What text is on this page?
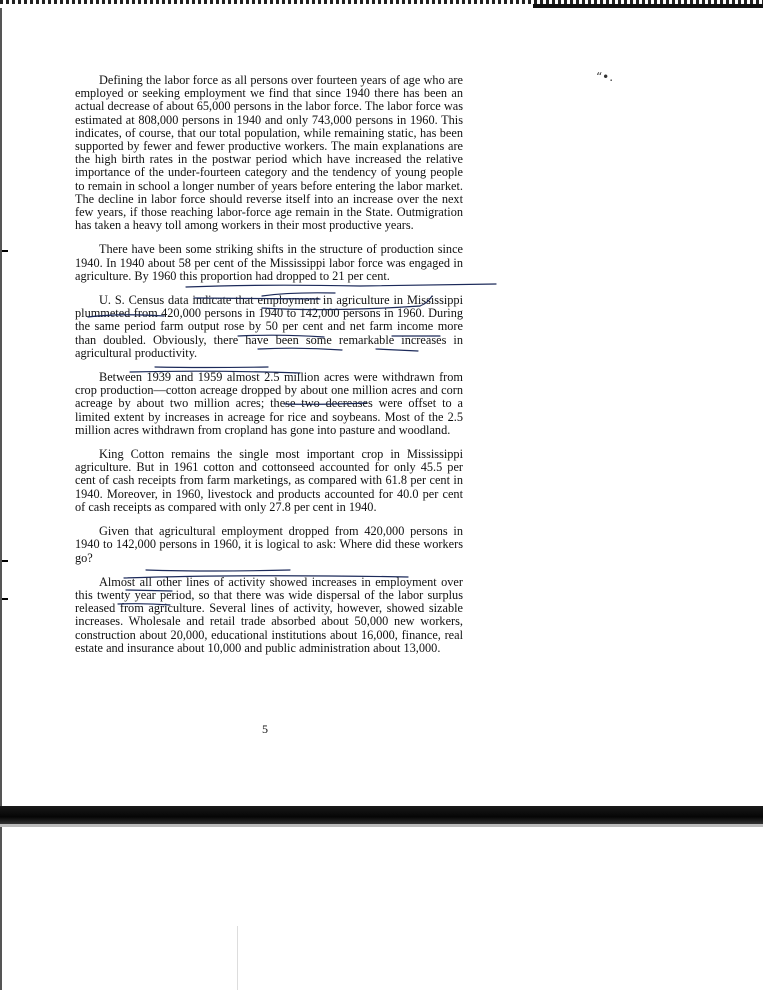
“•.

Defining the labor force as all persons over fourteen years of age who are employed or seeking employment we find that since 1940 there has been an actual decrease of about 65,000 persons in the labor force. The labor force was estimated at 808,000 persons in 1940 and only 743,000 persons in 1960. This indicates, of course, that our total population, while remaining static, has been supported by fewer and fewer productive workers. The main explanations are the high birth rates in the postwar period which have increased the relative importance of the under-fourteen category and the tendency of young people to remain in school a longer number of years before entering the labor market. The decline in labor force should reverse itself into an increase over the next few years, if those reaching labor-force age remain in the State. Outmigration has taken a heavy toll among workers in their most productive years.

There have been some striking shifts in the structure of production since 1940. In 1940 about 58 per cent of the Mississippi labor force was engaged in agriculture. By 1960 this proportion had dropped to 21 per cent.

U. S. Census data indicate that employment in agriculture in Mississippi plummeted from 420,000 persons in 1940 to 142,000 persons in 1960. During the same period farm output rose by 50 per cent and net farm income more than doubled. Obviously, there have been some remarkable increases in agricultural productivity.

Between 1939 and 1959 almost 2.5 million acres were withdrawn from crop production—cotton acreage dropped by about one million acres and corn acreage by about two million acres; these two decreases were offset to a limited extent by increases in acreage for rice and soybeans. Most of the 2.5 million acres withdrawn from cropland has gone into pasture and woodland.

King Cotton remains the single most important crop in Mississippi agriculture. But in 1961 cotton and cottonseed accounted for only 45.5 per cent of cash receipts from farm marketings, as compared with 61.8 per cent in 1940. Moreover, in 1960, livestock and products accounted for 40.0 per cent of cash receipts as compared with only 27.8 per cent in 1940.

Given that agricultural employment dropped from 420,000 persons in 1940 to 142,000 persons in 1960, it is logical to ask: Where did these workers go?

Almost all other lines of activity showed increases in employment over this twenty year period, so that there was wide dispersal of the labor surplus released from agriculture. Several lines of activity, however, showed sizable increases. Wholesale and retail trade absorbed about 50,000 new workers, construction about 20,000, educational institutions about 16,000, finance, real estate and insurance about 10,000 and public administration about 13,000.

5
